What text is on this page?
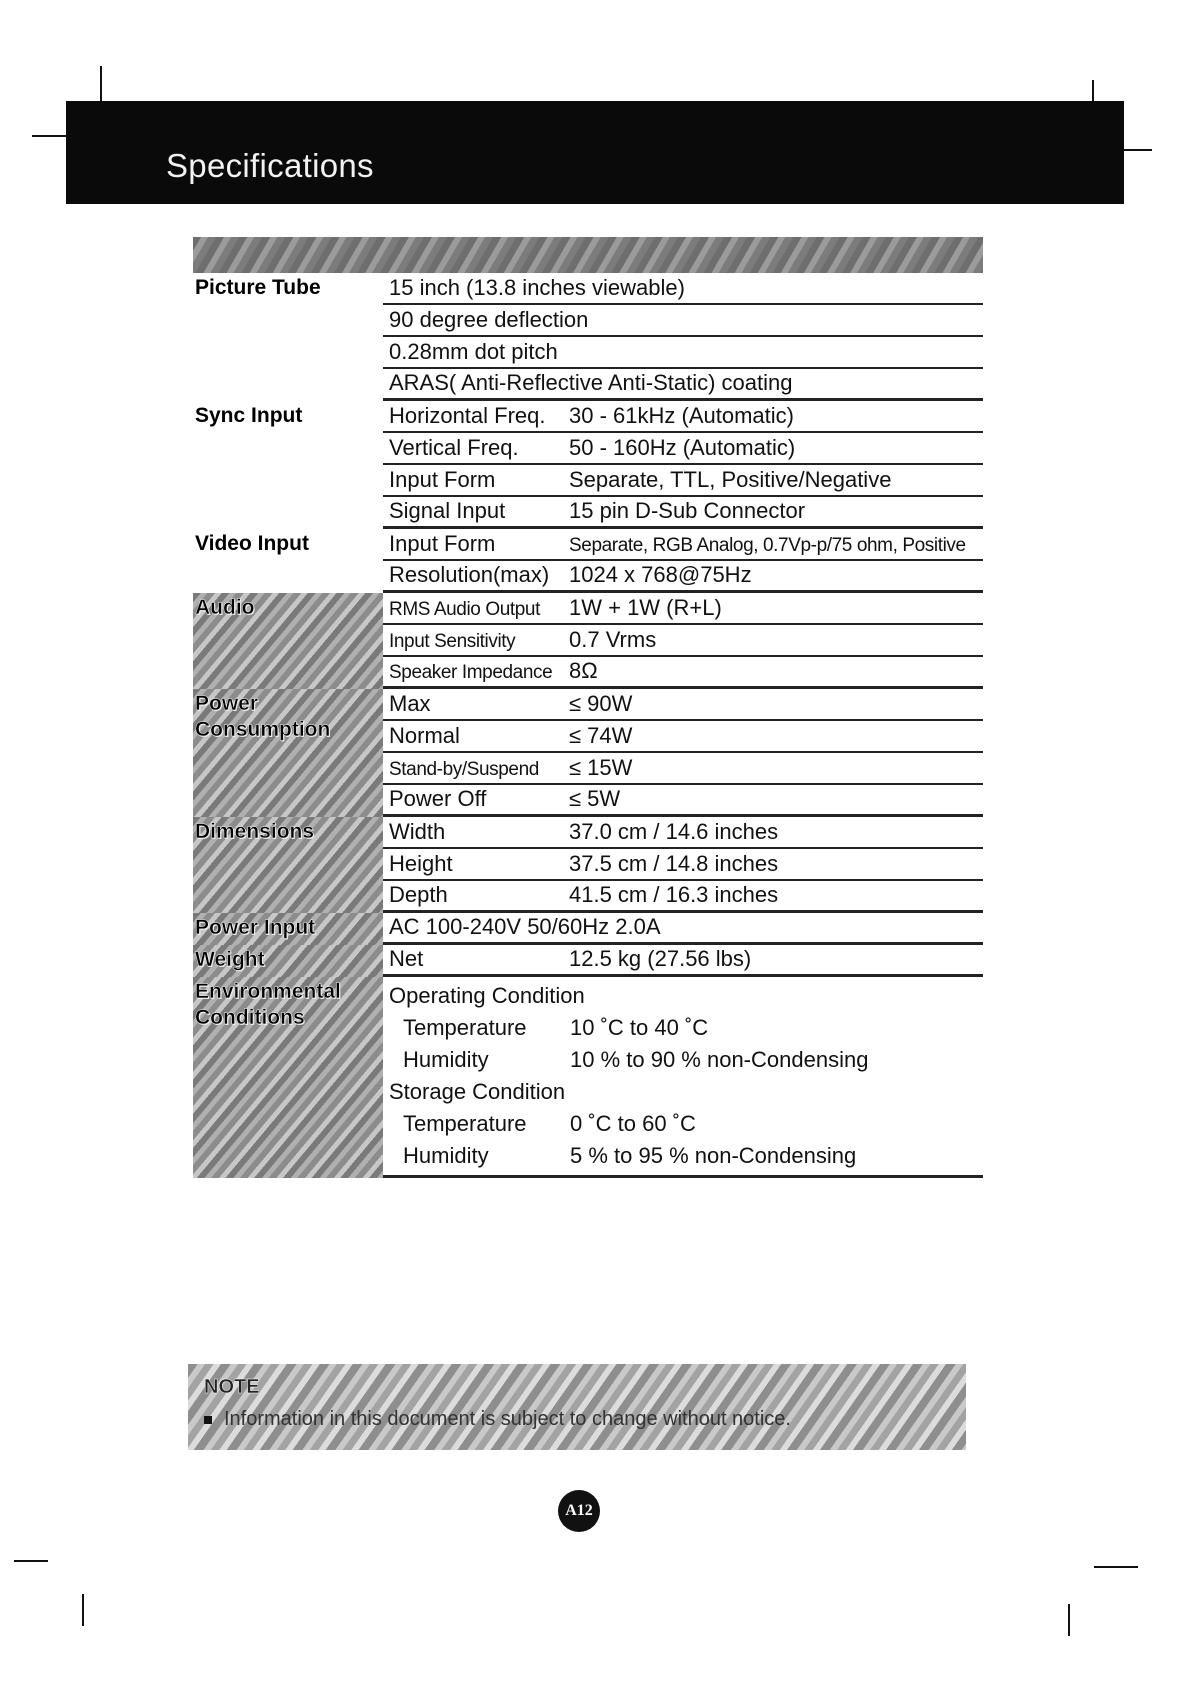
Specifications
Picture Tube	15 inch (13.8 inches viewable)
90 degree deflection
0.28mm dot pitch
ARAS( Anti-Reflective Anti-Static) coating
Sync Input	Horizontal Freq.	30 - 61kHz (Automatic)
Vertical Freq.	50 - 160Hz (Automatic)
Input Form	Separate, TTL, Positive/Negative
Signal Input	15 pin D-Sub Connector
Video Input	Input Form	Separate, RGB Analog, 0.7Vp-p/75 ohm, Positive
Resolution(max) 1024 x 768@75Hz
Audio	RMS Audio Output	1W + 1W (R+L)
Input Sensitivity	0.7 Vrms
Speaker Impedance 8Ω
Power
Consumption
Max	≤ 90W
Normal	≤ 74W
Stand-by/Suspend	≤ 15W
Power Off	≤ 5W
Dimensions	Width	37.0 cm / 14.6 inches
Height	37.5 cm / 14.8 inches
Depth	41.5 cm / 16.3 inches
Power Input	AC 100-240V 50/60Hz 2.0A
Weight	Net	12.5 kg (27.56 lbs)
Environmental
Conditions
Operating Condition
Temperature	10 ˚C to 40 ˚C
Humidity	10 % to 90 % non-Condensing
Storage Condition
Temperature	0 ˚C to 60 ˚C
Humidity	5 % to 95 % non-Condensing
NOTE
Information in this document is subject to change without notice.
A12
